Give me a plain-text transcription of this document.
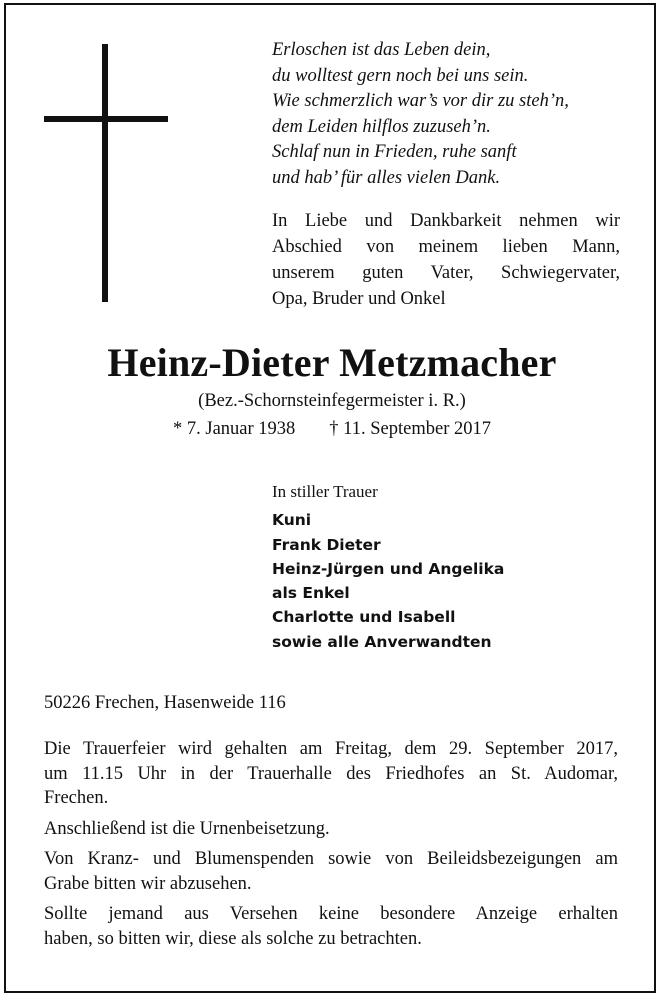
Erloschen ist das Leben dein,
du wolltest gern noch bei uns sein.
Wie schmerzlich war’s vor dir zu steh’n,
dem Leiden hilflos zuzuseh’n.
Schlaf nun in Frieden, ruhe sanft
und hab’ für alles vielen Dank.
In Liebe und Dankbarkeit nehmen wir
Abschied von meinem lieben Mann,
unserem guten Vater, Schwiegervater,
Opa, Bruder und Onkel
Heinz-Dieter Metzmacher
(Bez.-Schornsteinfegermeister i. R.)
* 7. Januar 1938 † 11. September 2017
In stiller Trauer
Kuni
Frank Dieter
Heinz-Jürgen und Angelika
als Enkel
Charlotte und Isabell
sowie alle Anverwandten
50226 Frechen, Hasenweide 116
Die Trauerfeier wird gehalten am Freitag, dem 29. September 2017,
um 11.15 Uhr in der Trauerhalle des Friedhofes an St. Audomar,
Frechen.
Anschließend ist die Urnenbeisetzung.
Von Kranz- und Blumenspenden sowie von Beileidsbezeigungen am
Grabe bitten wir abzusehen.
Sollte jemand aus Versehen keine besondere Anzeige erhalten
haben, so bitten wir, diese als solche zu betrachten.
